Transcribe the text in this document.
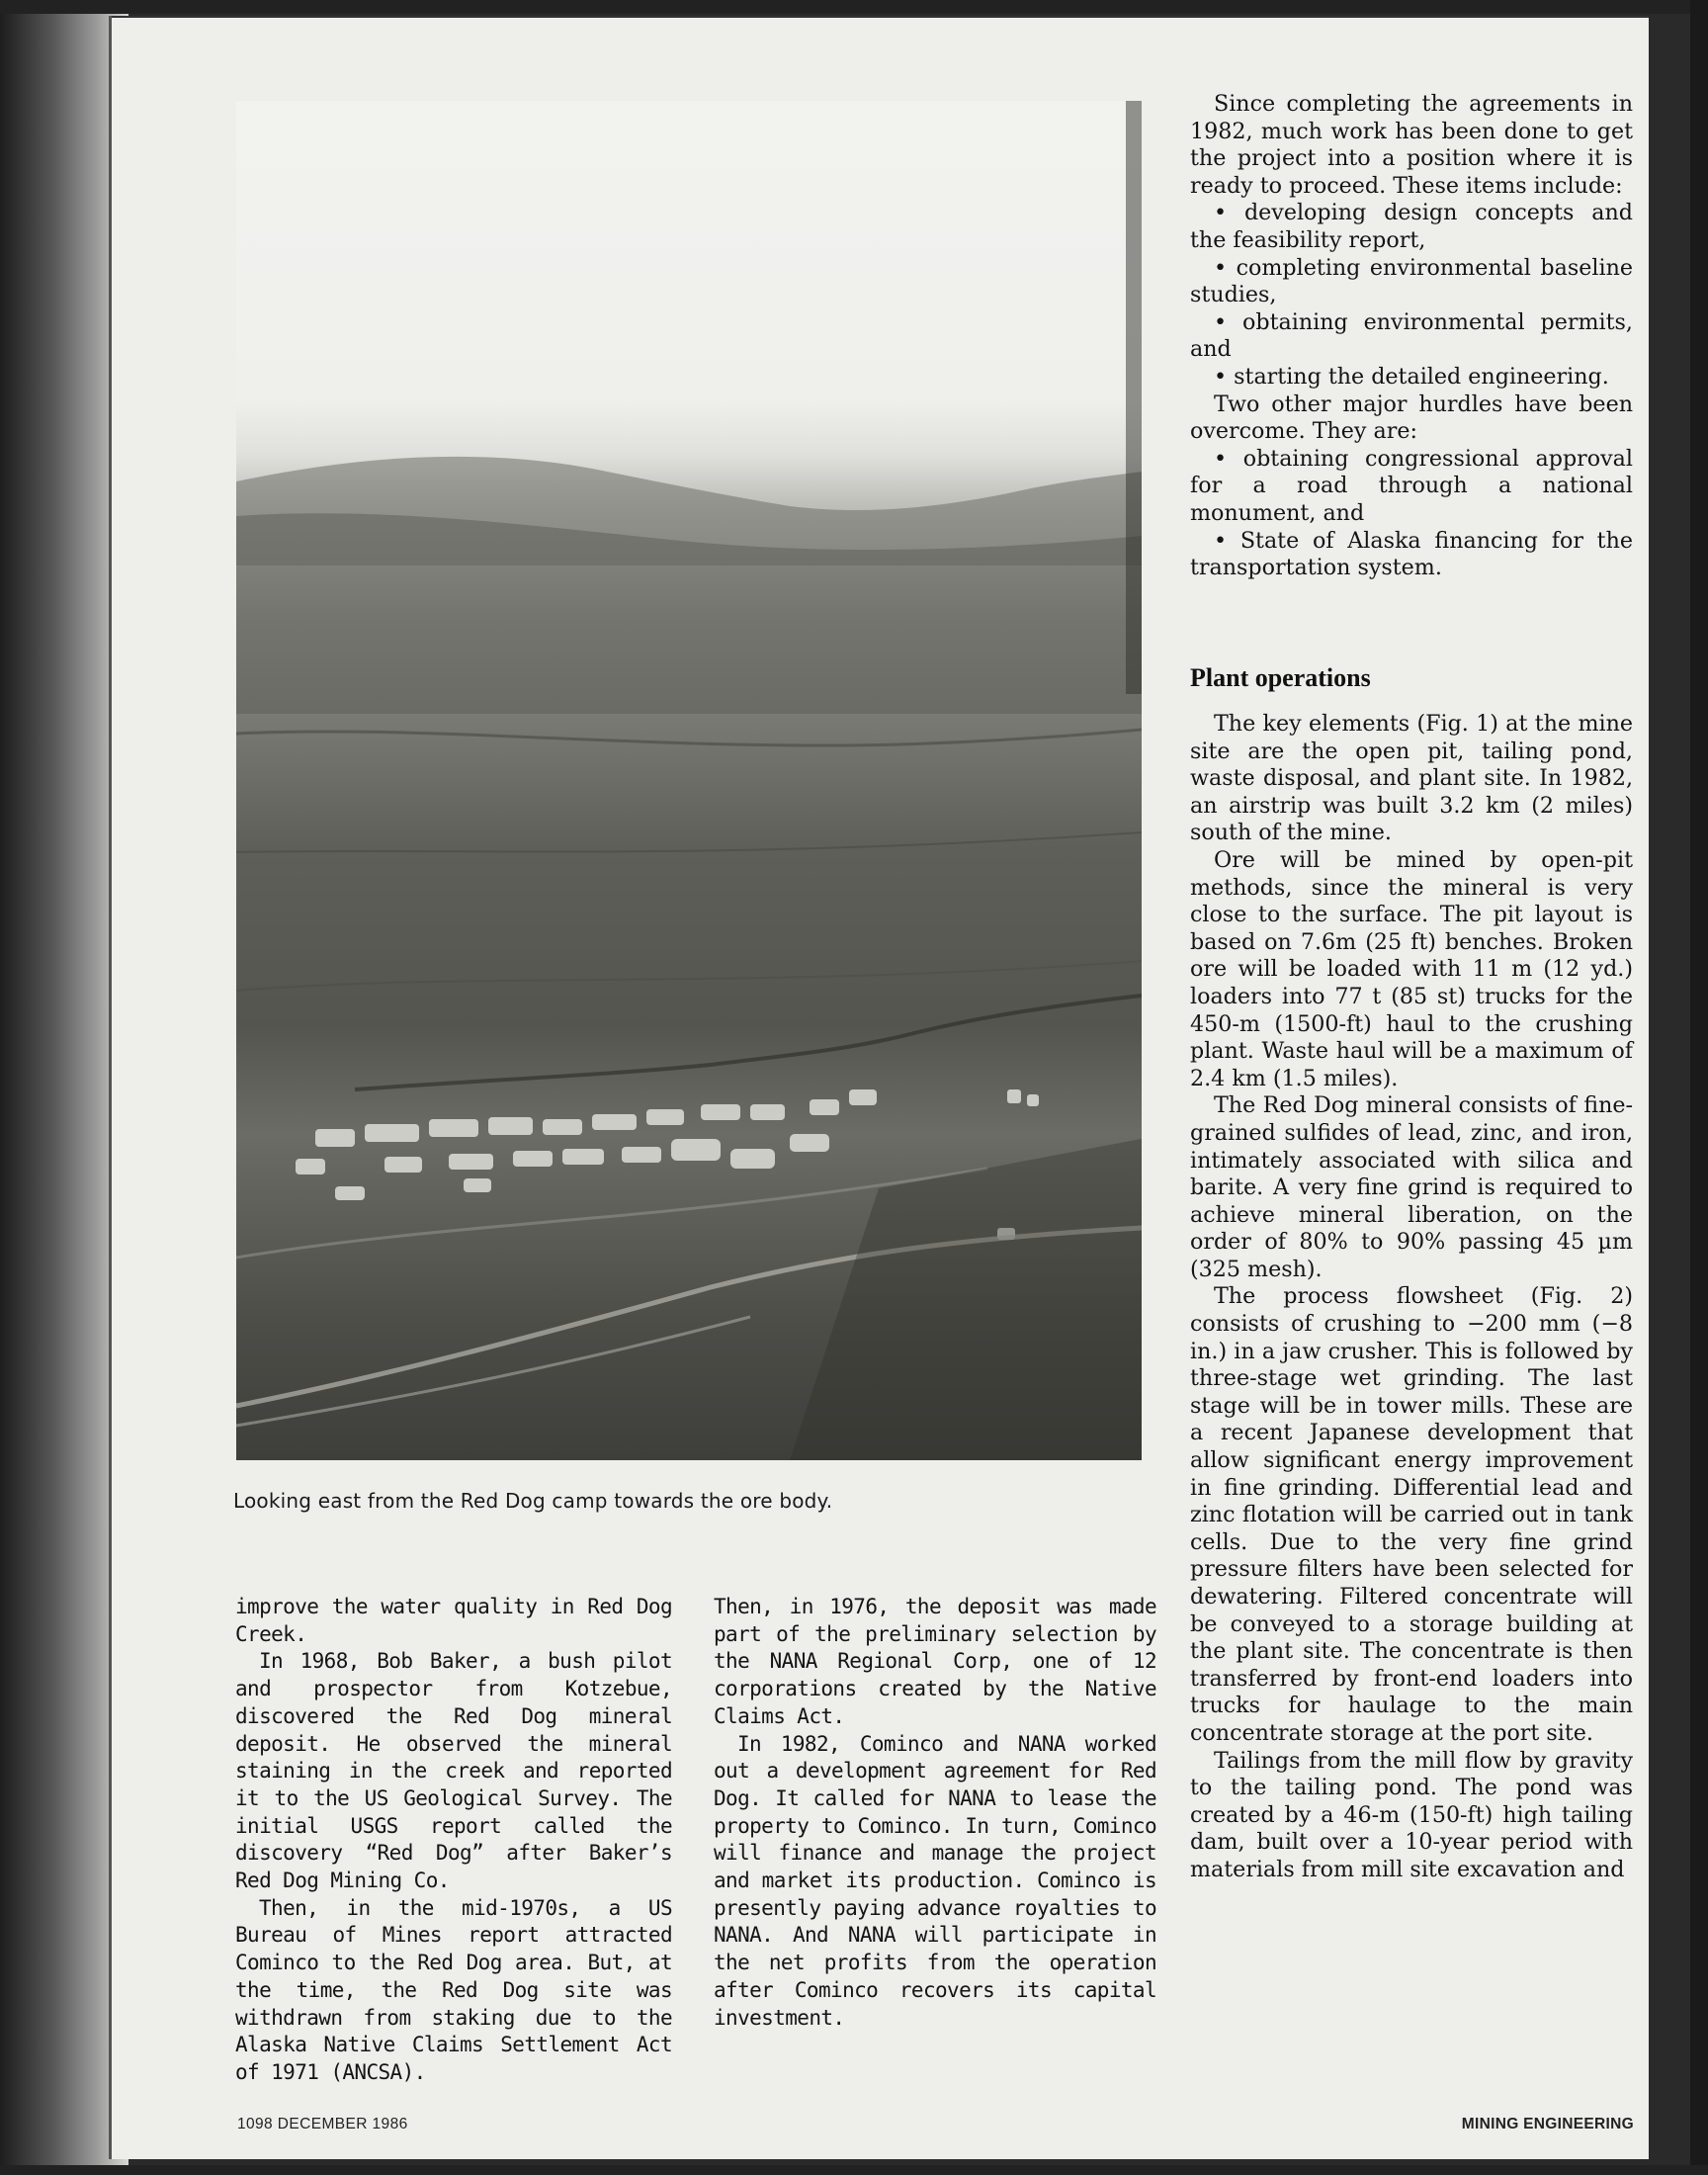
Looking east from the Red Dog camp towards the ore body.

improve the water quality in Red Dog Creek.

In 1968, Bob Baker, a bush pilot and prospector from Kotzebue, discovered the Red Dog mineral deposit. He observed the mineral staining in the creek and reported it to the US Geological Survey. The initial USGS report called the discovery “Red Dog” after Baker’s Red Dog Mining Co.

Then, in the mid-1970s, a US Bureau of Mines report attracted Cominco to the Red Dog area. But, at the time, the Red Dog site was withdrawn from staking due to the Alaska Native Claims Settlement Act of 1971 (ANCSA).

Then, in 1976, the deposit was made part of the preliminary selection by the NANA Regional Corp, one of 12 corporations created by the Native Claims Act.

In 1982, Cominco and NANA worked out a development agreement for Red Dog. It called for NANA to lease the property to Cominco. In turn, Cominco will finance and manage the project and market its production. Cominco is presently paying advance royalties to NANA. And NANA will participate in the net profits from the operation after Cominco recovers its capital investment.

Since completing the agreements in 1982, much work has been done to get the project into a position where it is ready to proceed. These items include:

• developing design concepts and the feasibility report,

• completing environmental baseline studies,

• obtaining environmental permits, and

• starting the detailed engineering.

Two other major hurdles have been overcome. They are:

• obtaining congressional approval for a road through a national monument, and

• State of Alaska financing for the transportation system.

Plant operations

The key elements (Fig. 1) at the mine site are the open pit, tailing pond, waste disposal, and plant site. In 1982, an airstrip was built 3.2 km (2 miles) south of the mine.

Ore will be mined by open-pit methods, since the mineral is very close to the surface. The pit layout is based on 7.6m (25 ft) benches. Broken ore will be loaded with 11 m (12 yd.) loaders into 77 t (85 st) trucks for the 450-m (1500-ft) haul to the crushing plant. Waste haul will be a maximum of 2.4 km (1.5 miles).

The Red Dog mineral consists of fine-grained sulfides of lead, zinc, and iron, intimately associated with silica and barite. A very fine grind is required to achieve mineral liberation, on the order of 80% to 90% passing 45 µm (325 mesh).

The process flowsheet (Fig. 2) consists of crushing to −200 mm (−8 in.) in a jaw crusher. This is followed by three-stage wet grinding. The last stage will be in tower mills. These are a recent Japanese development that allow significant energy improvement in fine grinding. Differential lead and zinc flotation will be carried out in tank cells. Due to the very fine grind pressure filters have been selected for dewatering. Filtered concentrate will be conveyed to a storage building at the plant site. The concentrate is then transferred by front-end loaders into trucks for haulage to the main concentrate storage at the port site.

Tailings from the mill flow by gravity to the tailing pond. The pond was created by a 46-m (150-ft) high tailing dam, built over a 10-year period with materials from mill site excavation and

1098 DECEMBER 1986	MINING ENGINEERING
